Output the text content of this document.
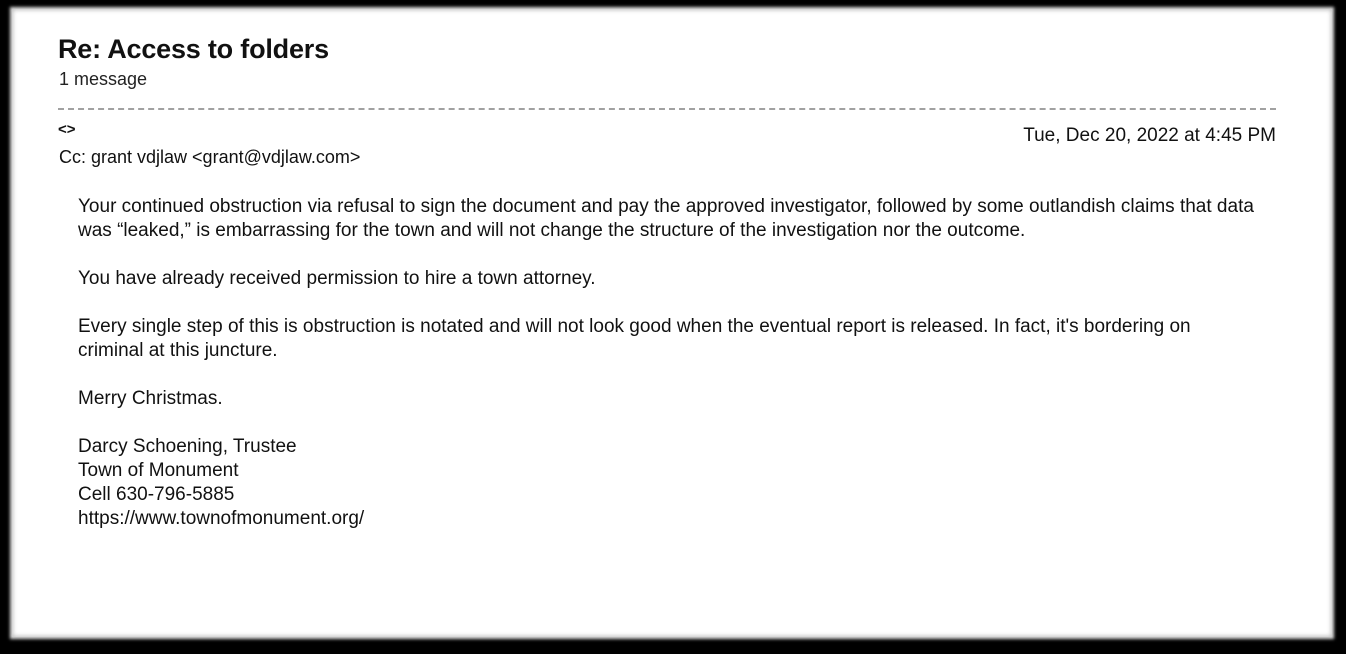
Re: Access to folders
1 message
<>	Tue, Dec 20, 2022 at 4:45 PM
Cc: grant vdjlaw <grant@vdjlaw.com>

Your continued obstruction via refusal to sign the document and pay the approved investigator, followed by some outlandish claims that data was “leaked,” is embarrassing for the town and will not change the structure of the investigation nor the outcome.

You have already received permission to hire a town attorney.

Every single step of this is obstruction is notated and will not look good when the eventual report is released. In fact, it's bordering on criminal at this juncture.

Merry Christmas.

Darcy Schoening, Trustee
Town of Monument
Cell 630-796-5885
https://www.townofmonument.org/
